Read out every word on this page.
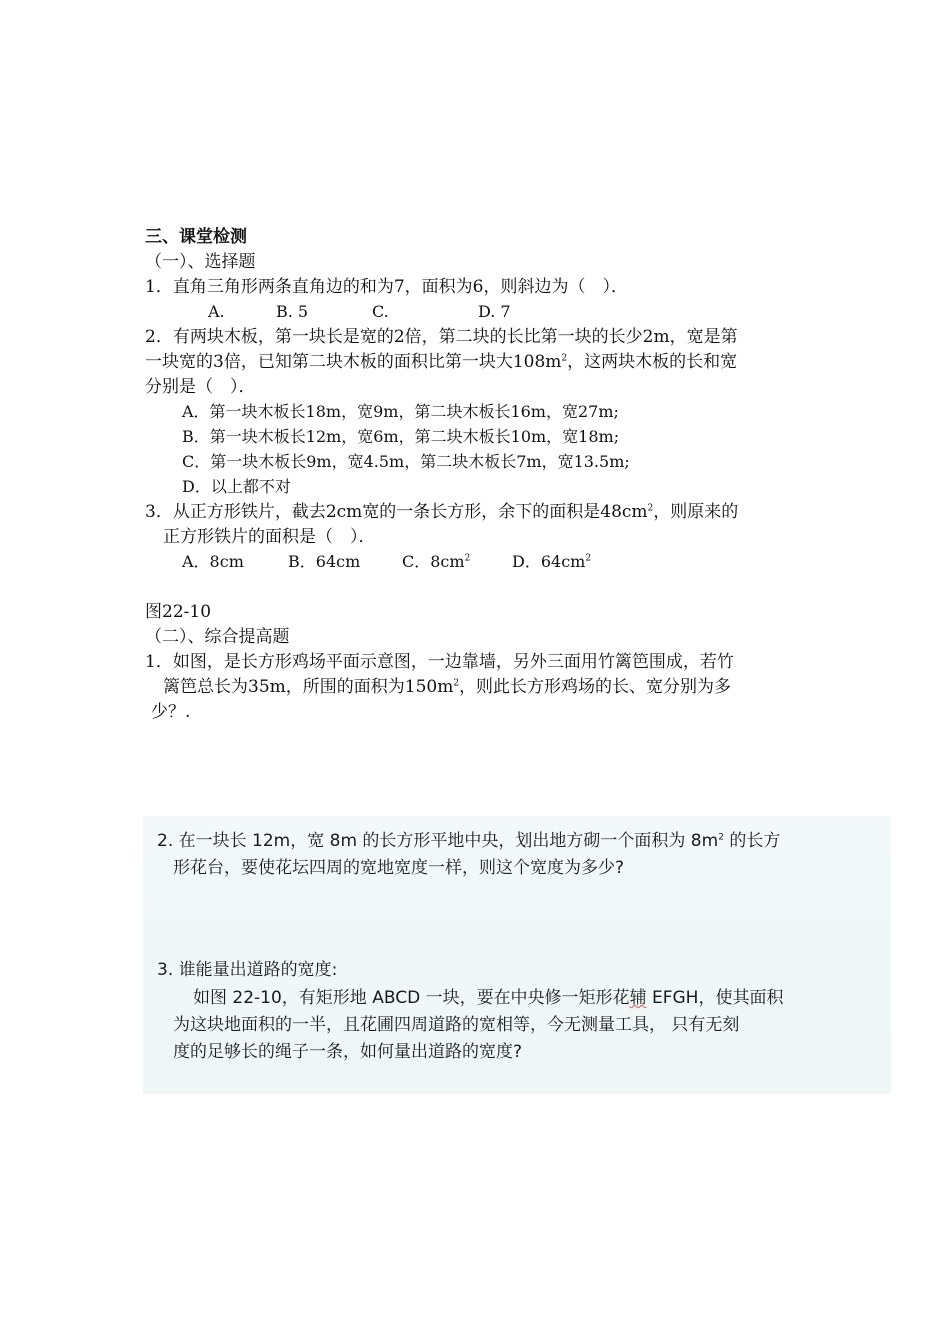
三、课堂检测
（一）、选择题
1．直角三角形两条直角边的和为7，面积为6，则斜边为（　）．
A.	B. 5	C.	D. 7
2．有两块木板，第一块长是宽的2倍，第二块的长比第一块的长少2m，宽是第
一块宽的3倍，已知第二块木板的面积比第一块大$108m^2$，这两块木板的长和宽
分别是（　）．
A．第一块木板长18m，宽9m，第二块木板长16m，宽27m;
B．第一块木板长12m，宽6m，第二块木板长10m，宽18m;
C．第一块木板长9m，宽4.5m，第二块木板长7m，宽13.5m;
D．以上都不对
3．从正方形铁片，截去2cm宽的一条长方形，余下的面积是$48cm^2$，则原来的
正方形铁片的面积是（　）．
A．8cm	B．64cm	C．$8cm^2$	D．$64cm^2$
图22-10
（二）、综合提高题
1．如图，是长方形鸡场平面示意图，一边靠墙，另外三面用竹篱笆围成，若竹
篱笆总长为35m，所围的面积为$150m^2$，则此长方形鸡场的长、宽分别为多
少？.
2. 在一块长 12m，宽 8m 的长方形平地中央，划出地方砌一个面积为 $8m^2$ 的长方
形花台，要使花坛四周的宽地宽度一样，则这个宽度为多少?
3. 谁能量出道路的宽度:
如图 22-10，有矩形地 ABCD 一块，要在中央修一矩形花辅 EFGH，使其面积
为这块地面积的一半，且花圃四周道路的宽相等，今无测量工具， 只有无刻
度的足够长的绳子一条，如何量出道路的宽度?
